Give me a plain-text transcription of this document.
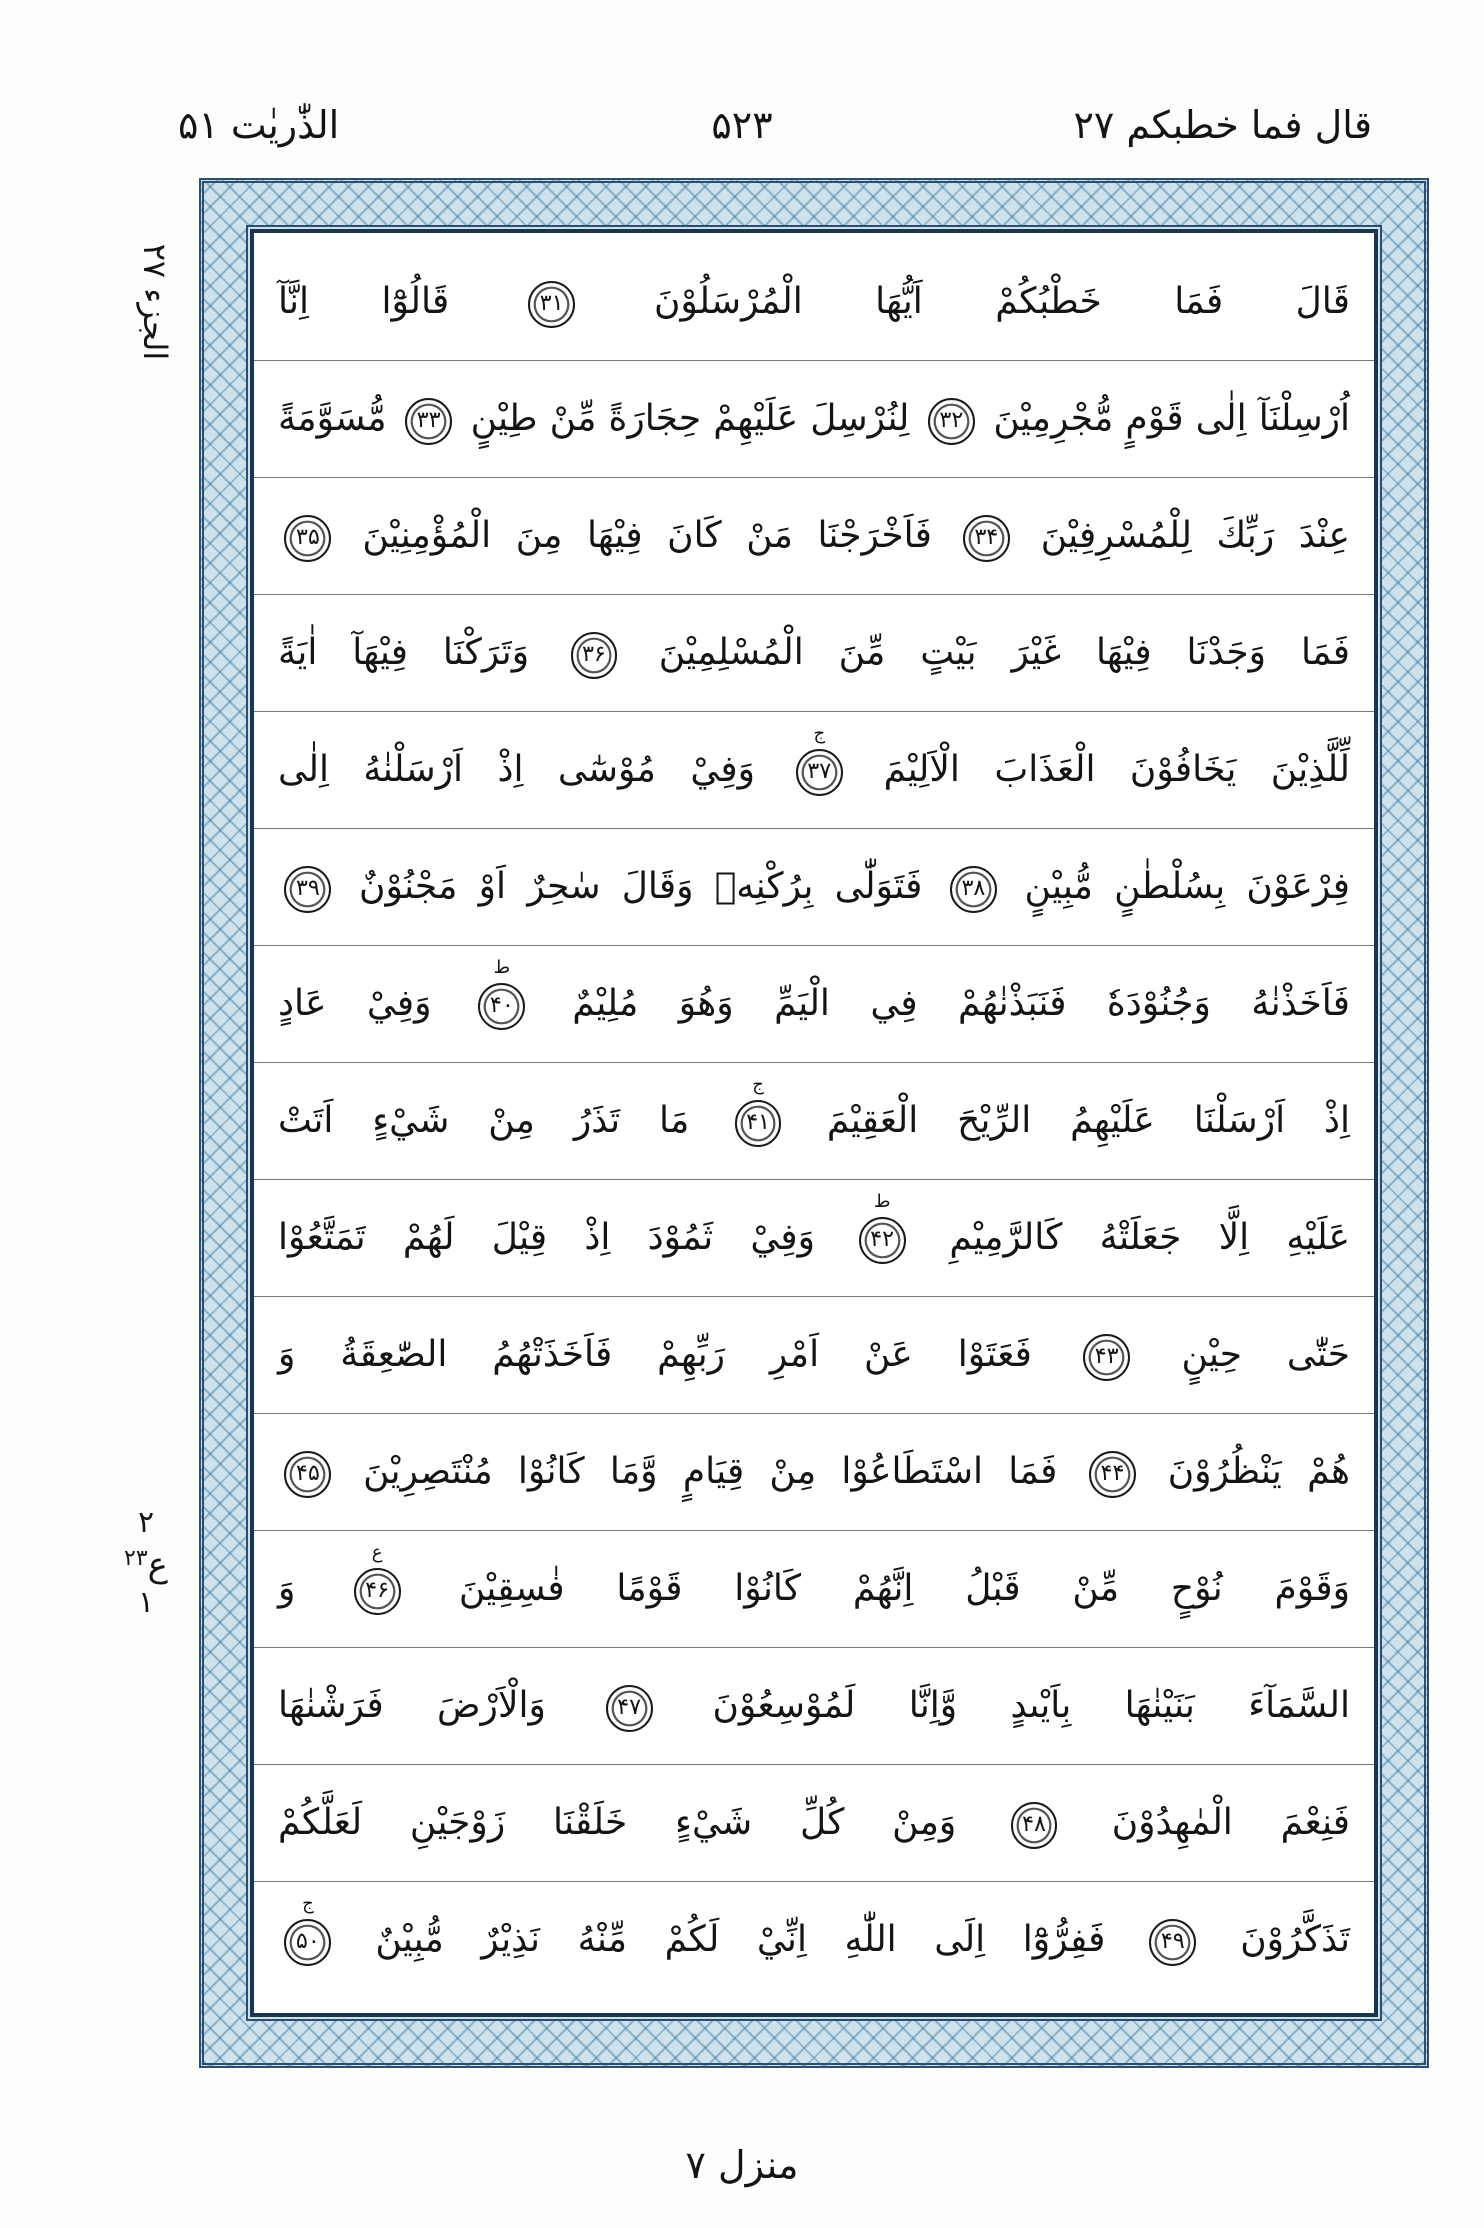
قال فما خطبکم ۲۷
۵۲۳
الذّٰریٰت ۵۱
الجزء ۲۷
۲
ع$^{۲۳}$
۱
قَالَ فَمَا خَطْبُكُمْ اَيُّهَا الْمُرْسَلُوْنَ ۳۱ قَالُوْٓا اِنَّآ
اُرْسِلْنَآ اِلٰى قَوْمٍ مُّجْرِمِيْنَ ۳۲ لِنُرْسِلَ عَلَيْهِمْ حِجَارَةً مِّنْ طِيْنٍ ۳۳ مُّسَوَّمَةً
عِنْدَ رَبِّكَ لِلْمُسْرِفِيْنَ ۳۴ فَاَخْرَجْنَا مَنْ كَانَ فِيْهَا مِنَ الْمُؤْمِنِيْنَ ۳۵
فَمَا وَجَدْنَا فِيْهَا غَيْرَ بَيْتٍ مِّنَ الْمُسْلِمِيْنَ ۳۶ وَتَرَكْنَا فِيْهَآ اٰيَةً
لِّلَّذِيْنَ يَخَافُوْنَ الْعَذَابَ الْاَلِيْمَ ۳۷
ج
وَفِيْ مُوْسٰٓى اِذْ اَرْسَلْنٰهُ اِلٰى
فِرْعَوْنَ بِسُلْطٰنٍ مُّبِيْنٍ ۳۸ فَتَوَلّٰى بِرُكْنِهٖ وَقَالَ سٰحِرٌ اَوْ مَجْنُوْنٌ ۳۹
فَاَخَذْنٰهُ وَجُنُوْدَهٗ فَنَبَذْنٰهُمْ فِي الْيَمِّ وَهُوَ مُلِيْمٌ ۴۰
ط
وَفِيْ عَادٍ
اِذْ اَرْسَلْنَا عَلَيْهِمُ الرِّيْحَ الْعَقِيْمَ ۴۱
ج
مَا تَذَرُ مِنْ شَيْءٍ اَتَتْ
عَلَيْهِ اِلَّا جَعَلَتْهُ كَالرَّمِيْمِ ۴۲
ط
وَفِيْ ثَمُوْدَ اِذْ قِيْلَ لَهُمْ تَمَتَّعُوْا
حَتّٰى حِيْنٍ ۴۳ فَعَتَوْا عَنْ اَمْرِ رَبِّهِمْ فَاَخَذَتْهُمُ الصّٰعِقَةُ وَ
هُمْ يَنْظُرُوْنَ ۴۴ فَمَا اسْتَطَاعُوْا مِنْ قِيَامٍ وَّمَا كَانُوْا مُنْتَصِرِيْنَ ۴۵
وَقَوْمَ نُوْحٍ مِّنْ قَبْلُ اِنَّهُمْ كَانُوْا قَوْمًا فٰسِقِيْنَ ۴۶
ع
وَ
السَّمَآءَ بَنَيْنٰهَا بِاَيْىدٍ وَّاِنَّا لَمُوْسِعُوْنَ ۴۷ وَالْاَرْضَ فَرَشْنٰهَا
فَنِعْمَ الْمٰهِدُوْنَ ۴۸ وَمِنْ كُلِّ شَيْءٍ خَلَقْنَا زَوْجَيْنِ لَعَلَّكُمْ
تَذَكَّرُوْنَ ۴۹ فَفِرُّوْٓا اِلَى اللّٰهِ اِنِّيْ لَكُمْ مِّنْهُ نَذِيْرٌ مُّبِيْنٌ ۵۰
ج
منزل ۷
